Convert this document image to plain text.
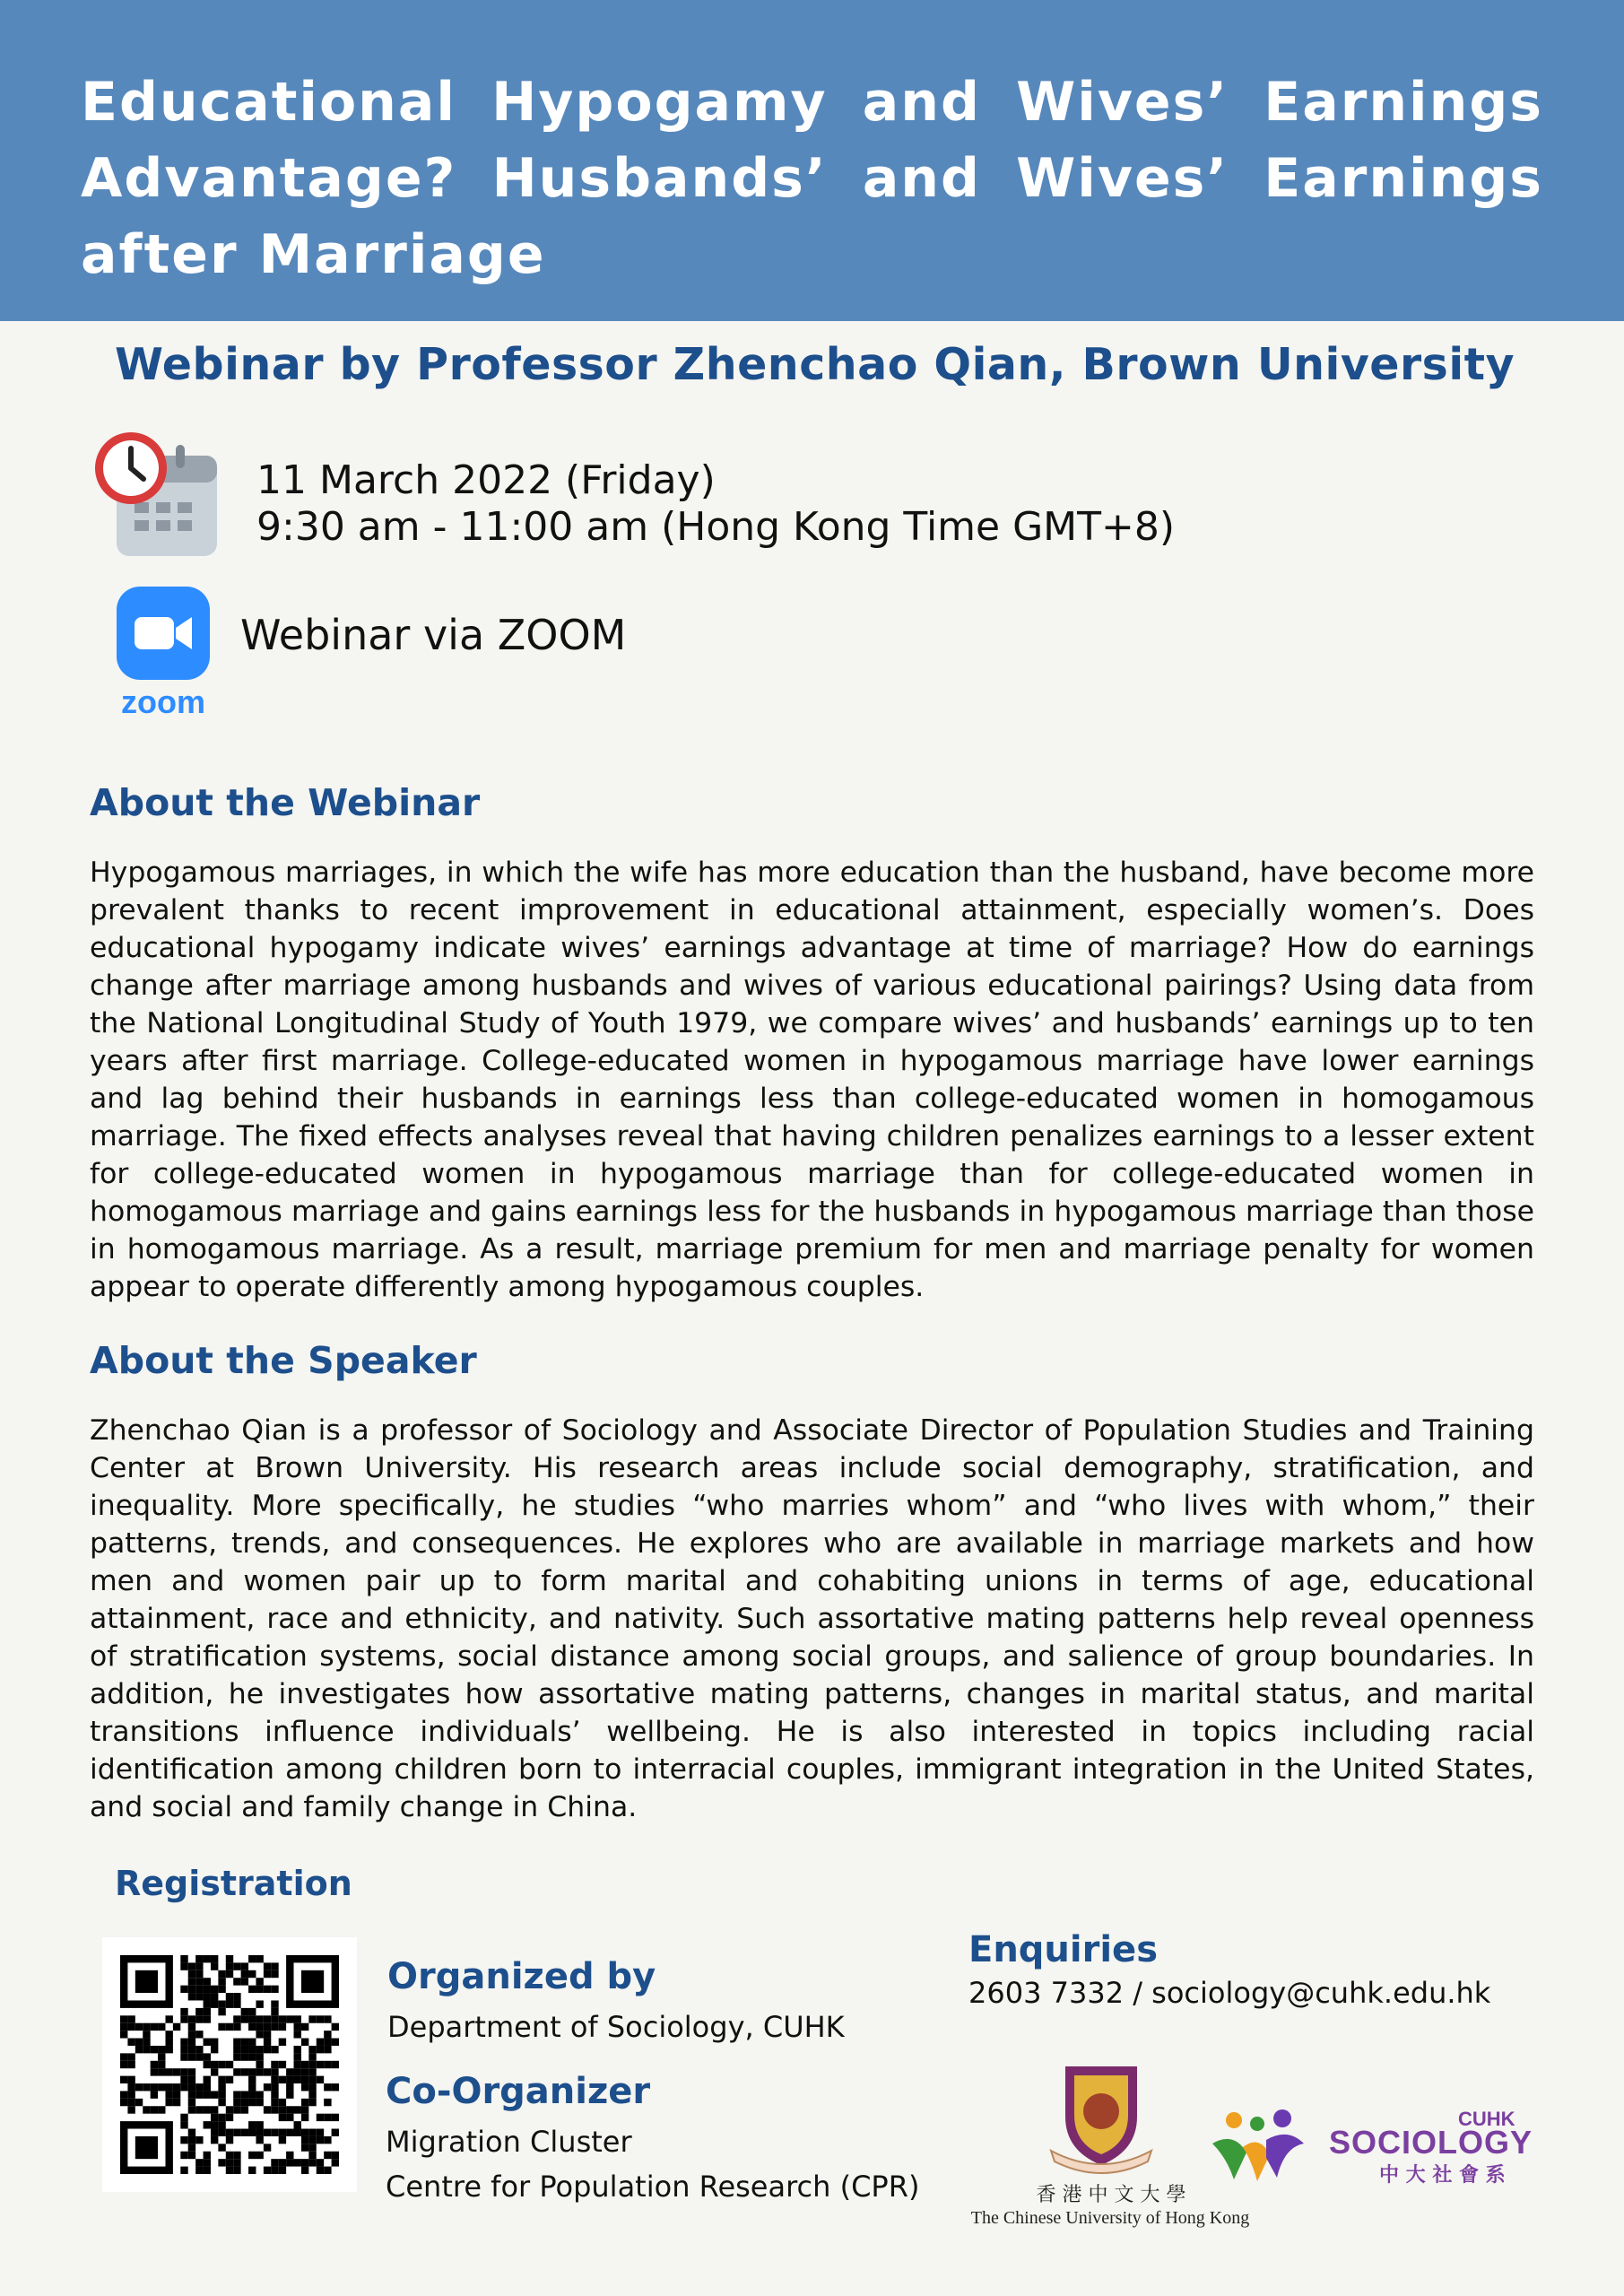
Educational Hypogamy and Wives’ Earnings Advantage? Husbands’ and Wives’ Earnings after Marriage
Webinar by Professor Zhenchao Qian, Brown University
11 March 2022 (Friday)
9:30 am - 11:00 am (Hong Kong Time GMT+8)
zoom
Webinar via ZOOM
About the Webinar
Hypogamous marriages, in which the wife has more education than the husband, have become more prevalent thanks to recent improvement in educational attainment, especially women’s. Does educational hypogamy indicate wives’ earnings advantage at time of marriage? How do earnings change after marriage among husbands and wives of various educational pairings? Using data from the National Longitudinal Study of Youth 1979, we compare wives’ and husbands’ earnings up to ten years after first marriage. College-educated women in hypogamous marriage have lower earnings and lag behind their husbands in earnings less than college-educated women in homogamous marriage. The fixed effects analyses reveal that having children penalizes earnings to a lesser extent for college-educated women in hypogamous marriage than for college-educated women in homogamous marriage and gains earnings less for the husbands in hypogamous marriage than those in homogamous marriage. As a result, marriage premium for men and marriage penalty for women appear to operate differently among hypogamous couples.
About the Speaker
Zhenchao Qian is a professor of Sociology and Associate Director of Population Studies and Training Center at Brown University. His research areas include social demography, stratification, and inequality. More specifically, he studies “who marries whom” and “who lives with whom,” their patterns, trends, and consequences. He explores who are available in marriage markets and how men and women pair up to form marital and cohabiting unions in terms of age, educational attainment, race and ethnicity, and nativity. Such assortative mating patterns help reveal openness of stratification systems, social distance among social groups, and salience of group boundaries. In addition, he investigates how assortative mating patterns, changes in marital status, and marital transitions influence individuals’ wellbeing. He is also interested in topics including racial identification among children born to interracial couples, immigrant integration in the United States, and social and family change in China.
Registration
Organized by
Department of Sociology, CUHK
Co-Organizer
Migration Cluster
Centre for Population Research (CPR)
Enquiries
2603 7332 / sociology@cuhk.edu.hk
香 港 中 文 大 學
The Chinese University of Hong Kong
CUHK
SOCIOLOGY
中 大 社 會 系
